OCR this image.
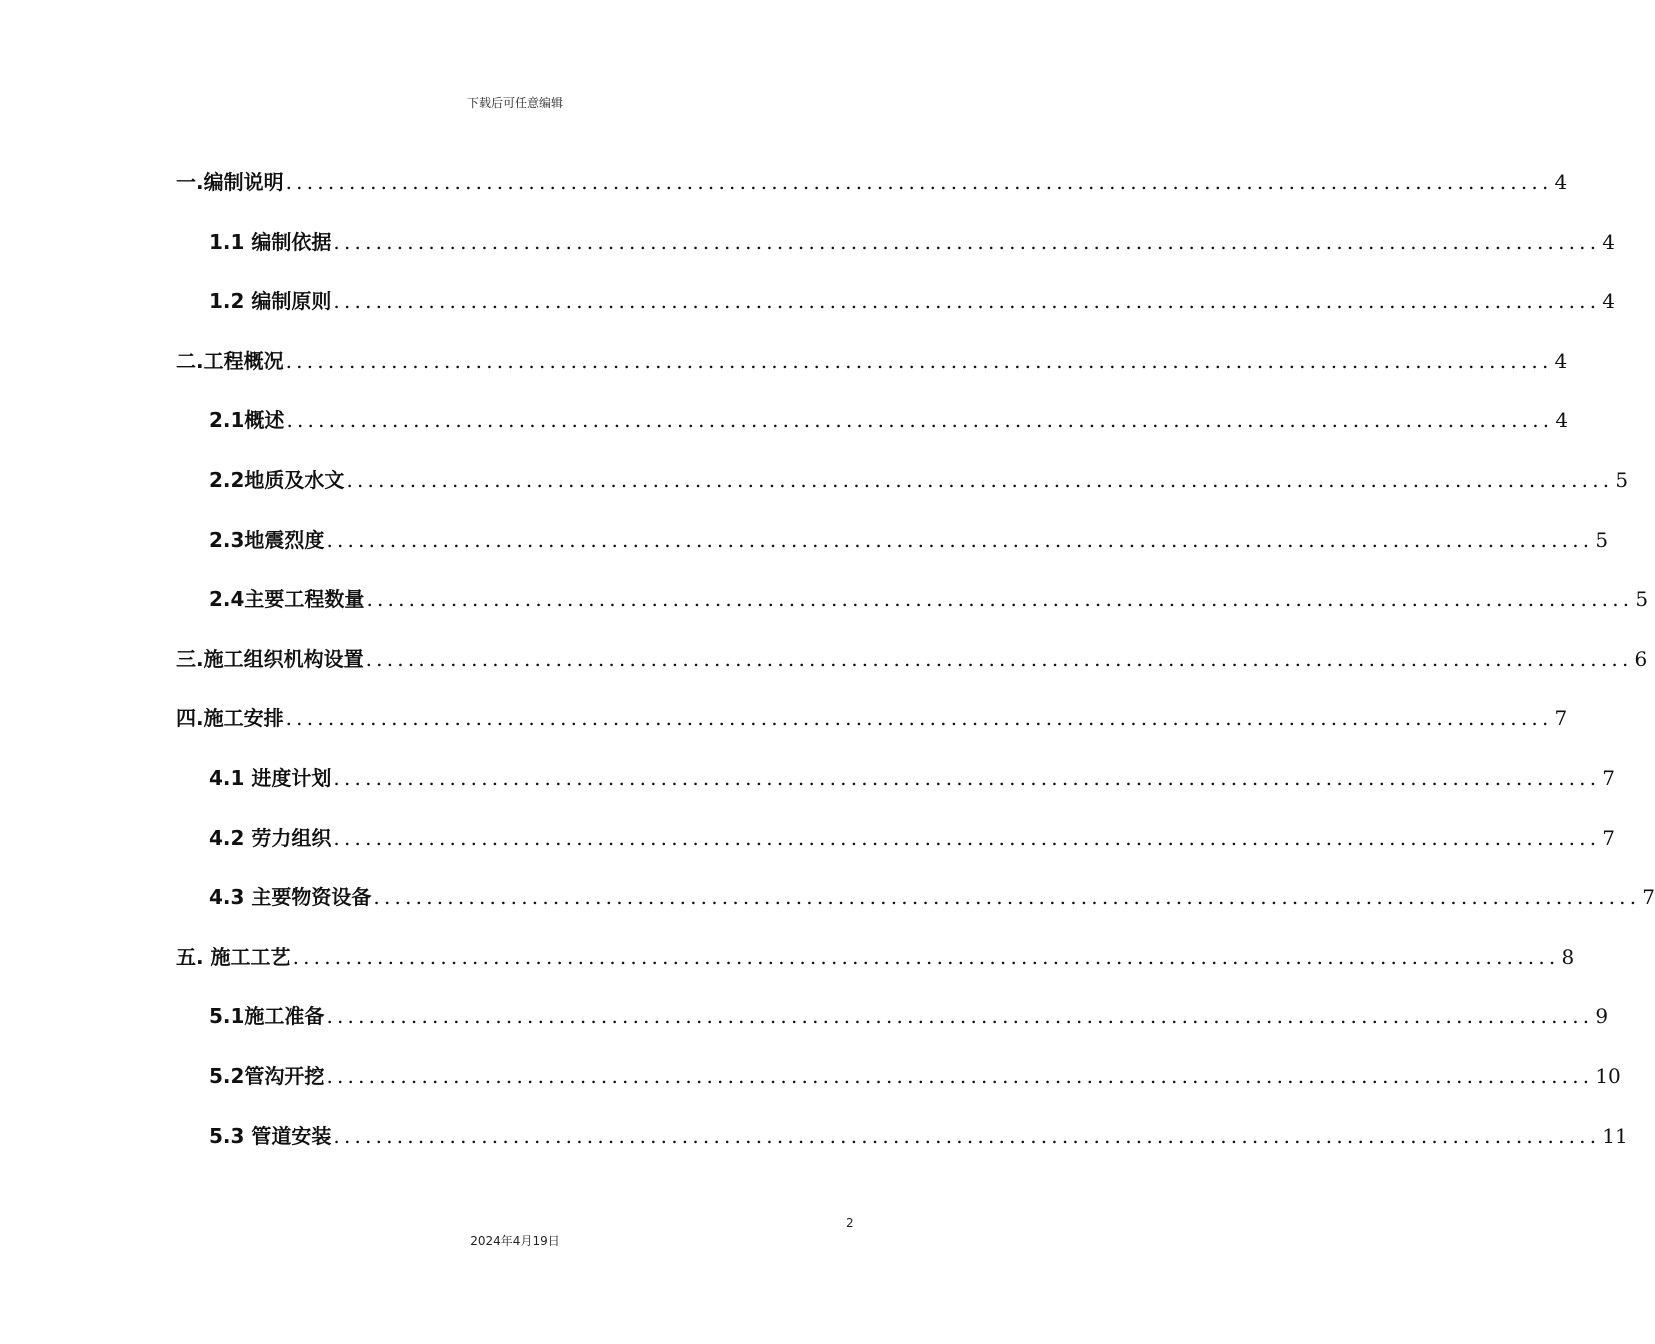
下载后可任意编辑
一.编制说明 ........................................................................................................................ 4
1.1 编制依据 ........................................................................................................................ 4
1.2 编制原则 ........................................................................................................................ 4
二.工程概况 ........................................................................................................................ 4
2.1概述 ........................................................................................................................ 4
2.2地质及水文 ........................................................................................................................ 5
2.3地震烈度 ........................................................................................................................ 5
2.4主要工程数量 ........................................................................................................................ 5
三.施工组织机构设置 ........................................................................................................................ 6
四.施工安排 ........................................................................................................................ 7
4.1 进度计划 ........................................................................................................................ 7
4.2 劳力组织 ........................................................................................................................ 7
4.3 主要物资设备 ........................................................................................................................ 7
五. 施工工艺 ........................................................................................................................ 8
5.1施工准备 ........................................................................................................................ 9
5.2管沟开挖 ........................................................................................................................ 10
5.3 管道安装 ........................................................................................................................ 11
2
2024年4月19日
